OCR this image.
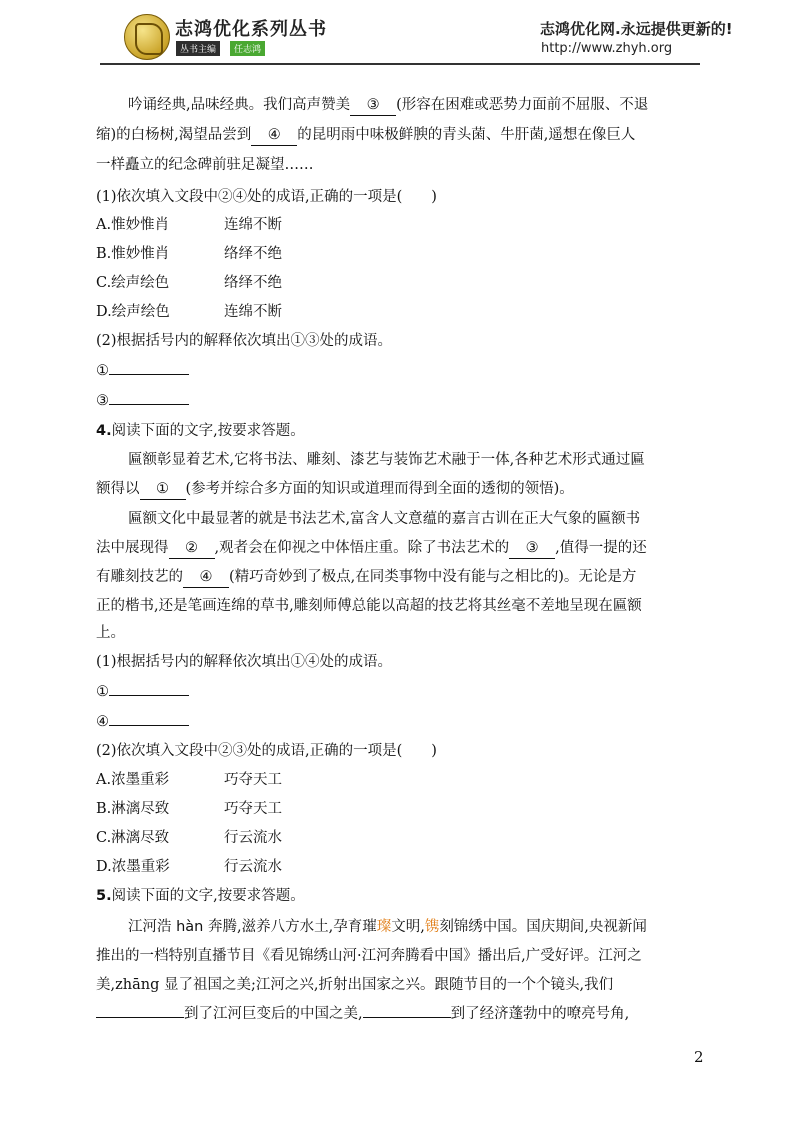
志鸿优化系列丛书
丛书主编	任志鸿
志鸿优化网.永远提供更新的!
http://www.zhyh.org
吟诵经典,品味经典。我们高声赞美 ③ (形容在困难或恶势力面前不屈服、不退
缩)的白杨树,渴望品尝到 ④ 的昆明雨中味极鲜腴的青头菌、牛肝菌,遥想在像巨人
一样矗立的纪念碑前驻足凝望……
(1)依次填入文段中②④处的成语,正确的一项是(　　)
A.惟妙惟肖	连绵不断
B.惟妙惟肖	络绎不绝
C.绘声绘色	络绎不绝
D.绘声绘色	连绵不断
(2)根据括号内的解释依次填出①③处的成语。
①
③
4.阅读下面的文字,按要求答题。
匾额彰显着艺术,它将书法、雕刻、漆艺与装饰艺术融于一体,各种艺术形式通过匾
额得以 ① (参考并综合多方面的知识或道理而得到全面的透彻的领悟)。
匾额文化中最显著的就是书法艺术,富含人文意蕴的嘉言古训在正大气象的匾额书
法中展现得 ② ,观者会在仰视之中体悟庄重。除了书法艺术的 ③ ,值得一提的还
有雕刻技艺的 ④ (精巧奇妙到了极点,在同类事物中没有能与之相比的)。无论是方
正的楷书,还是笔画连绵的草书,雕刻师傅总能以高超的技艺将其丝毫不差地呈现在匾额
上。
(1)根据括号内的解释依次填出①④处的成语。
①
④
(2)依次填入文段中②③处的成语,正确的一项是(　　)
A.浓墨重彩	巧夺天工
B.淋漓尽致	巧夺天工
C.淋漓尽致	行云流水
D.浓墨重彩	行云流水
5.阅读下面的文字,按要求答题。
江河浩 hàn 奔腾,滋养八方水土,孕育璀璨文明,镌刻锦绣中国。国庆期间,央视新闻
推出的一档特别直播节目《看见锦绣山河·江河奔腾看中国》播出后,广受好评。江河之
美,zhāng 显了祖国之美;江河之兴,折射出国家之兴。跟随节目的一个个镜头,我们
到了江河巨变后的中国之美,	到了经济蓬勃中的嘹亮号角,
2
